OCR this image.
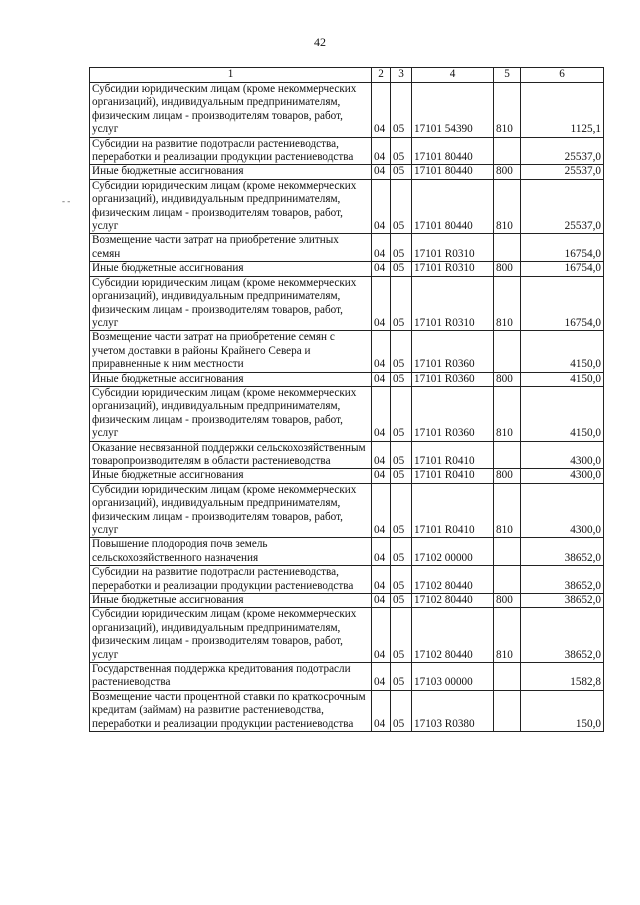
42
- -
1	2	3	4	5	6
Субсидии юридическим лицам (кроме некоммерческих организаций), индивидуальным предпринимателям, физическим лицам - производителям товаров, работ, услуг	04	05	17101 54390	810	1125,1
Субсидии на развитие подотрасли растениеводства, переработки и реализации продукции растениеводства	04	05	17101 80440		25537,0
Иные бюджетные ассигнования	04	05	17101 80440	800	25537,0
Субсидии юридическим лицам (кроме некоммерческих организаций), индивидуальным предпринимателям, физическим лицам - производителям товаров, работ, услуг	04	05	17101 80440	810	25537,0
Возмещение части затрат на приобретение элитных семян	04	05	17101 R0310		16754,0
Иные бюджетные ассигнования	04	05	17101 R0310	800	16754,0
Субсидии юридическим лицам (кроме некоммерческих организаций), индивидуальным предпринимателям, физическим лицам - производителям товаров, работ, услуг	04	05	17101 R0310	810	16754,0
Возмещение части затрат на приобретение семян с учетом доставки в районы Крайнего Севера и приравненные к ним местности	04	05	17101 R0360		4150,0
Иные бюджетные ассигнования	04	05	17101 R0360	800	4150,0
Субсидии юридическим лицам (кроме некоммерческих организаций), индивидуальным предпринимателям, физическим лицам - производителям товаров, работ, услуг	04	05	17101 R0360	810	4150,0
Оказание несвязанной поддержки сельскохозяйственным товаропроизводителям в области растениеводства	04	05	17101 R0410		4300,0
Иные бюджетные ассигнования	04	05	17101 R0410	800	4300,0
Субсидии юридическим лицам (кроме некоммерческих организаций), индивидуальным предпринимателям, физическим лицам - производителям товаров, работ, услуг	04	05	17101 R0410	810	4300,0
Повышение плодородия почв земель сельскохозяйственного назначения	04	05	17102 00000		38652,0
Субсидии на развитие подотрасли растениеводства, переработки и реализации продукции растениеводства	04	05	17102 80440		38652,0
Иные бюджетные ассигнования	04	05	17102 80440	800	38652,0
Субсидии юридическим лицам (кроме некоммерческих организаций), индивидуальным предпринимателям, физическим лицам - производителям товаров, работ, услуг	04	05	17102 80440	810	38652,0
Государственная поддержка кредитования подотрасли растениеводства	04	05	17103 00000		1582,8
Возмещение части процентной ставки по краткосрочным кредитам (займам) на развитие растениеводства, переработки и реализации продукции растениеводства	04	05	17103 R0380		150,0
